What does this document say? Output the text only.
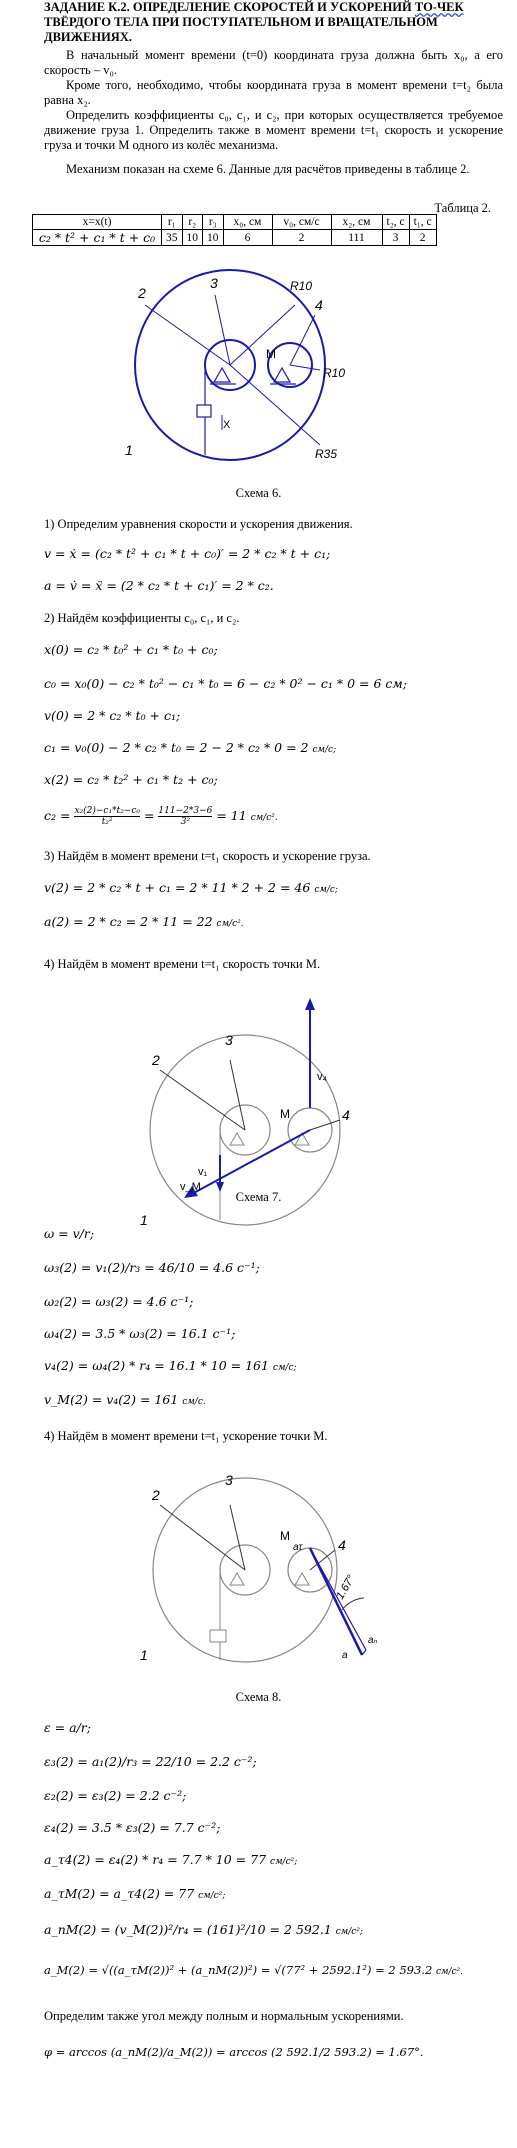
ЗАДАНИЕ К.2. ОПРЕДЕЛЕНИЕ СКОРОСТЕЙ И УСКОРЕНИЙ ТО-ЧЕК ТВЁРДОГО ТЕЛА ПРИ ПОСТУПАТЕЛЬНОМ И ВРАЩАТЕЛЬНОМ ДВИЖЕНИЯХ.
В начальный момент времени (t=0) координата груза должна быть x₀, а его скорость – v₀.
Кроме того, необходимо, чтобы координата груза в момент времени t=t₂ была равна x₂.
Определить коэффициенты c₀, c₁, и c₂, при которых осуществляется требуемое движение груза 1. Определить также в момент времени t=t₁ скорость и ускорение груза и точки М одного из колёс механизма.
Механизм показан на схеме 6. Данные для расчётов приведены в таблице 2.
Таблица 2.
x=x(t)	r₁	r₂	r₃	x₀, см	v₀, см/с	x₂, см	t₂, с	t₁, с
c₂ * t² + c₁ * t + c₀	35	10	10	6	2	111	3	2
2
3
4
1
M
X
R10
R10
R35
Схема 6.
1) Определим уравнения скорости и ускорения движения.
v = ẋ = (c₂ * t² + c₁ * t + c₀)′ = 2 * c₂ * t + c₁;
a = v̇ = ẍ = (2 * c₂ * t + c₁)′ = 2 * c₂.
2) Найдём коэффициенты c₀, c₁, и c₂.
x(0) = c₂ * t₀² + c₁ * t₀ + c₀;
c₀ = x₀(0) − c₂ * t₀² − c₁ * t₀ = 6 − c₂ * 0² − c₁ * 0 = 6 см;
v(0) = 2 * c₂ * t₀ + c₁;
c₁ = v₀(0) − 2 * c₂ * t₀ = 2 − 2 * c₂ * 0 = 2 см/с;
x(2) = c₂ * t₂² + c₁ * t₂ + c₀;
$c_2 = \frac{\text{x₂(2)−c₁*t₂−c₀}}{\text{t₂²}} = \frac{111-2*3-6}{\text{3²}} = 11$ см/с².
3) Найдём в момент времени t=t₁ скорость и ускорение груза.
v(2) = 2 * c₂ * t + c₁ = 2 * 11 * 2 + 2 = 46 см/с;
a(2) = 2 * c₂ = 2 * 11 = 22 см/с².
4) Найдём в момент времени t=t₁ скорость точки М.
2
3
4
1
M
v₄
v₁
v_M
Схема 7.
ω = v/r;
ω₃(2) = v₁(2)/r₃ = 46/10 = 4.6 c⁻¹;
ω₂(2) = ω₃(2) = 4.6 c⁻¹;
ω₄(2) = 3.5 * ω₃(2) = 16.1 c⁻¹;
v₄(2) = ω₄(2) * r₄ = 16.1 * 10 = 161 см/с;
v_M(2) = v₄(2) = 161 см/с.
4) Найдём в момент времени t=t₁ ускорение точки М.
2
3
4
1
M
1.67°
aₙ
a
aτ
Схема 8.
ε = a/r;
ε₃(2) = a₁(2)/r₃ = 22/10 = 2.2 c⁻²;
ε₂(2) = ε₃(2) = 2.2 c⁻²;
ε₄(2) = 3.5 * ε₃(2) = 7.7 c⁻²;
a_τ4(2) = ε₄(2) * r₄ = 7.7 * 10 = 77 см/с²;
a_τM(2) = a_τ4(2) = 77 см/с²;
a_nM(2) = (v_M(2))²/r₄ = (161)²/10 = 2 592.1 см/с²;
a_M(2) = √((a_τM(2))² + (a_nM(2))²) = √(77² + 2592.1²) = 2 593.2 см/с².
Определим также угол между полным и нормальным ускорениями.
φ = arccos (a_nM(2)/a_M(2)) = arccos (2 592.1/2 593.2) = 1.67°.
